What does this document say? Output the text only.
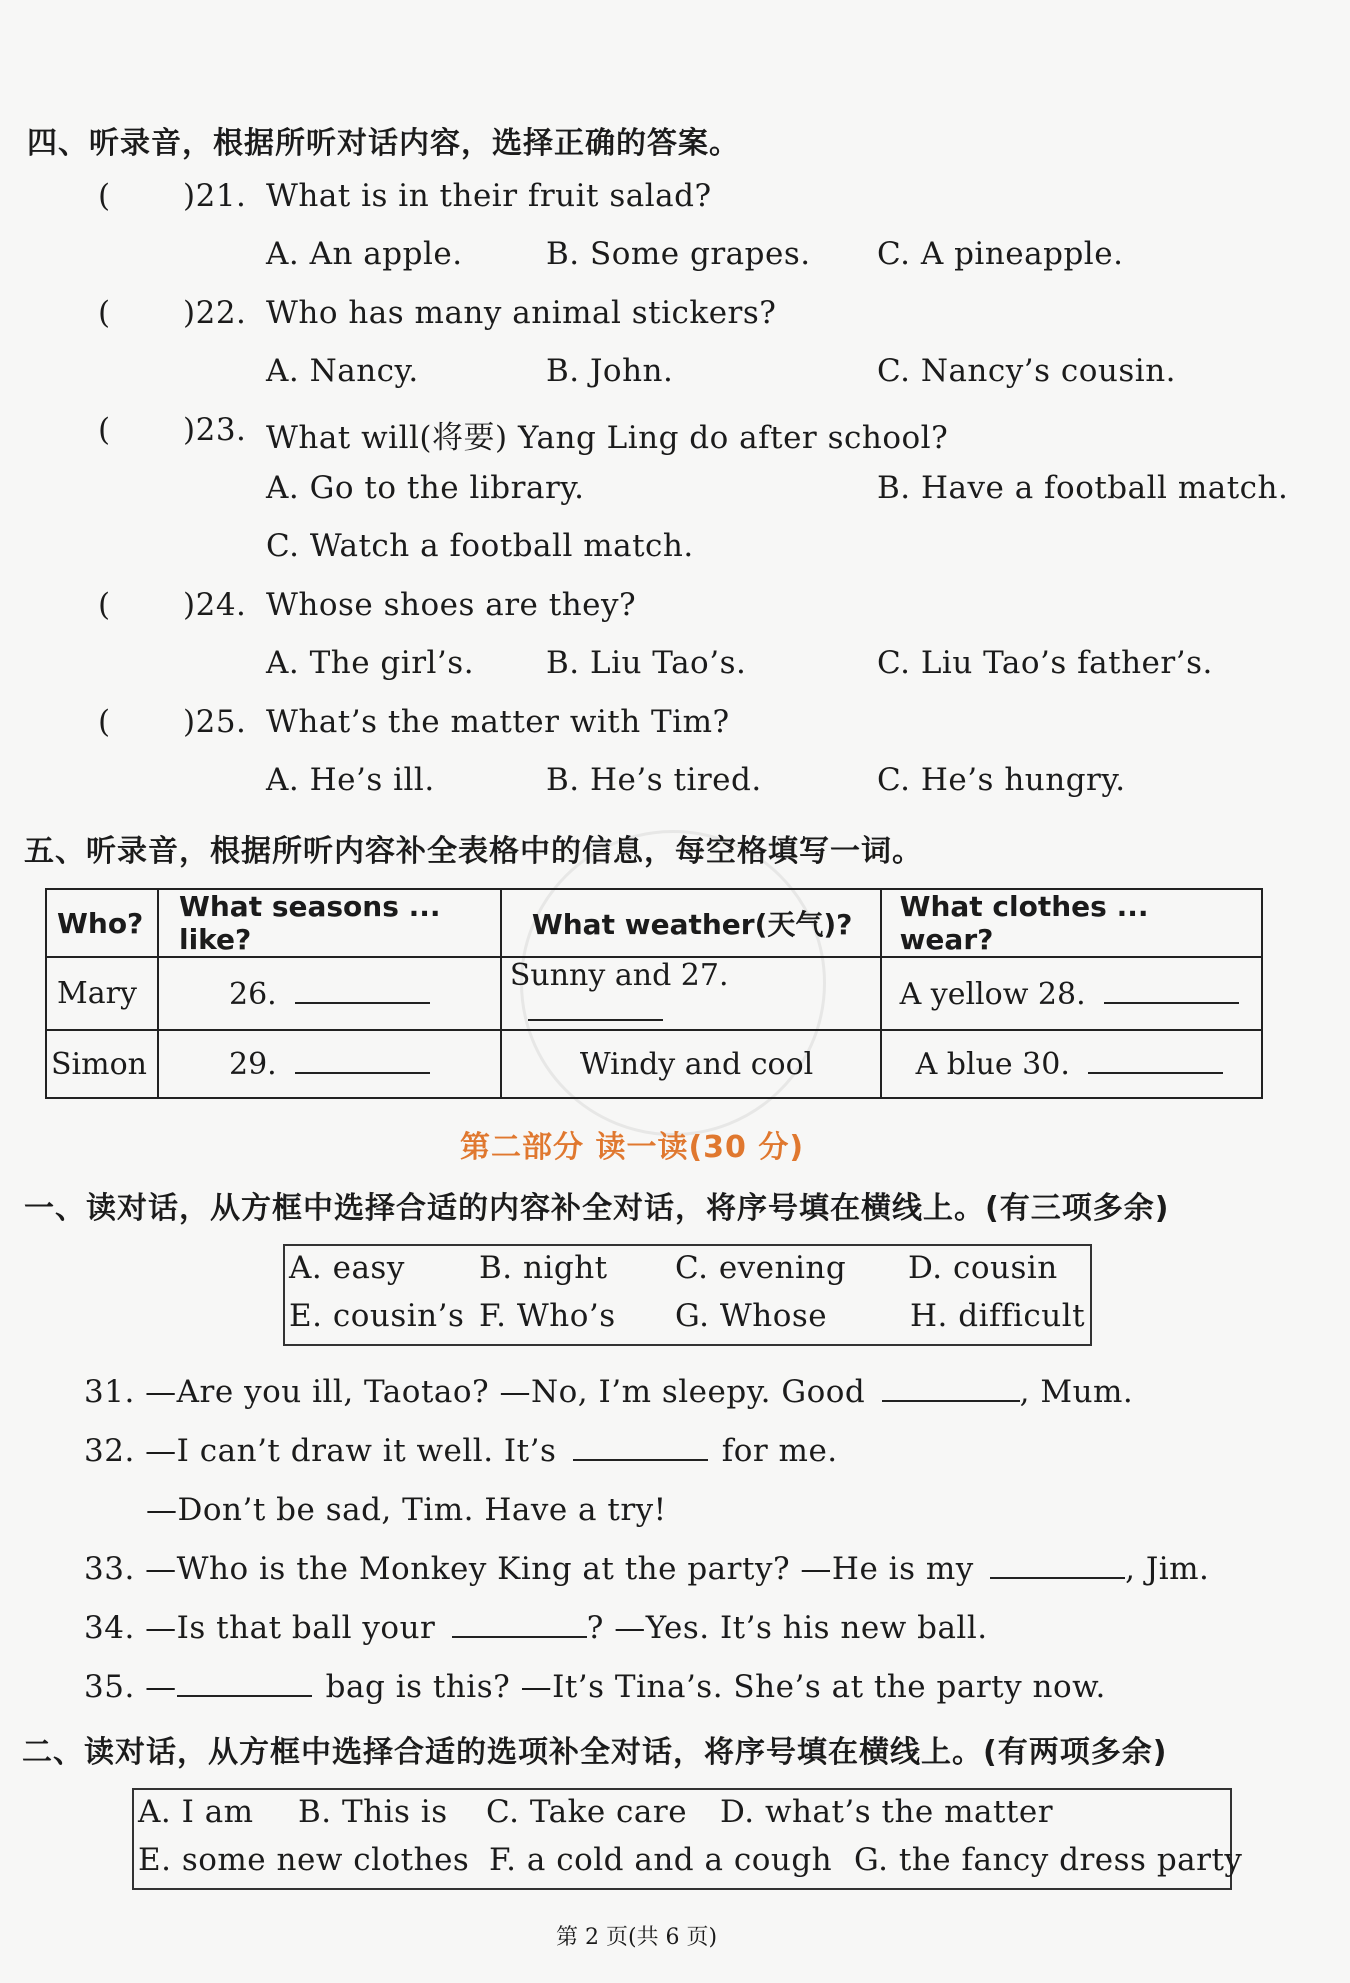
四、听录音，根据所听对话内容，选择正确的答案。
( )21. What is in their fruit salad?
A. An apple.	B. Some grapes. C. A pineapple.
( )22. Who has many animal stickers?
A. Nancy.	B. John.	C. Nancy’s cousin.
( )23. What will(将要) Yang Ling do after school?
A. Go to the library.	B. Have a football match.
C. Watch a football match.
( )24. Whose shoes are they?
A. The girl’s. B. Liu Tao’s.	C. Liu Tao’s father’s.
( )25. What’s the matter with Tim?
A. He’s ill.	B. He’s tired.	C. He’s hungry.
五、听录音，根据所听内容补全表格中的信息，每空格填写一词。
Who?	What seasons ... like?	What weather(天气)?	What clothes ... wear?
Mary	26.	Sunny and 27.	A yellow 28.
Simon	29.	Windy and cool	A blue 30.
第二部分 读一读(30 分)
一、读对话，从方框中选择合适的内容补全对话，将序号填在横线上。(有三项多余)
A. easy B. night C. evening D. cousin
E. cousin’s F. Who’s G. Whose	H. difficult
31. —Are you ill, Taotao? —No, I’m sleepy. Good	, Mum.
32. —I can’t draw it well. It’s	for me.
—Don’t be sad, Tim. Have a try!
33. —Who is the Monkey King at the party? —He is my	, Jim.
34. —Is that ball your	? —Yes. It’s his new ball.
35. —	bag is this? —It’s Tina’s. She’s at the party now.
二、读对话，从方框中选择合适的选项补全对话，将序号填在横线上。(有两项多余)
A. I am B. This is C. Take care D. what’s the matter
E. some new clothes F. a cold and a cough G. the fancy dress party
第 2 页(共 6 页)
